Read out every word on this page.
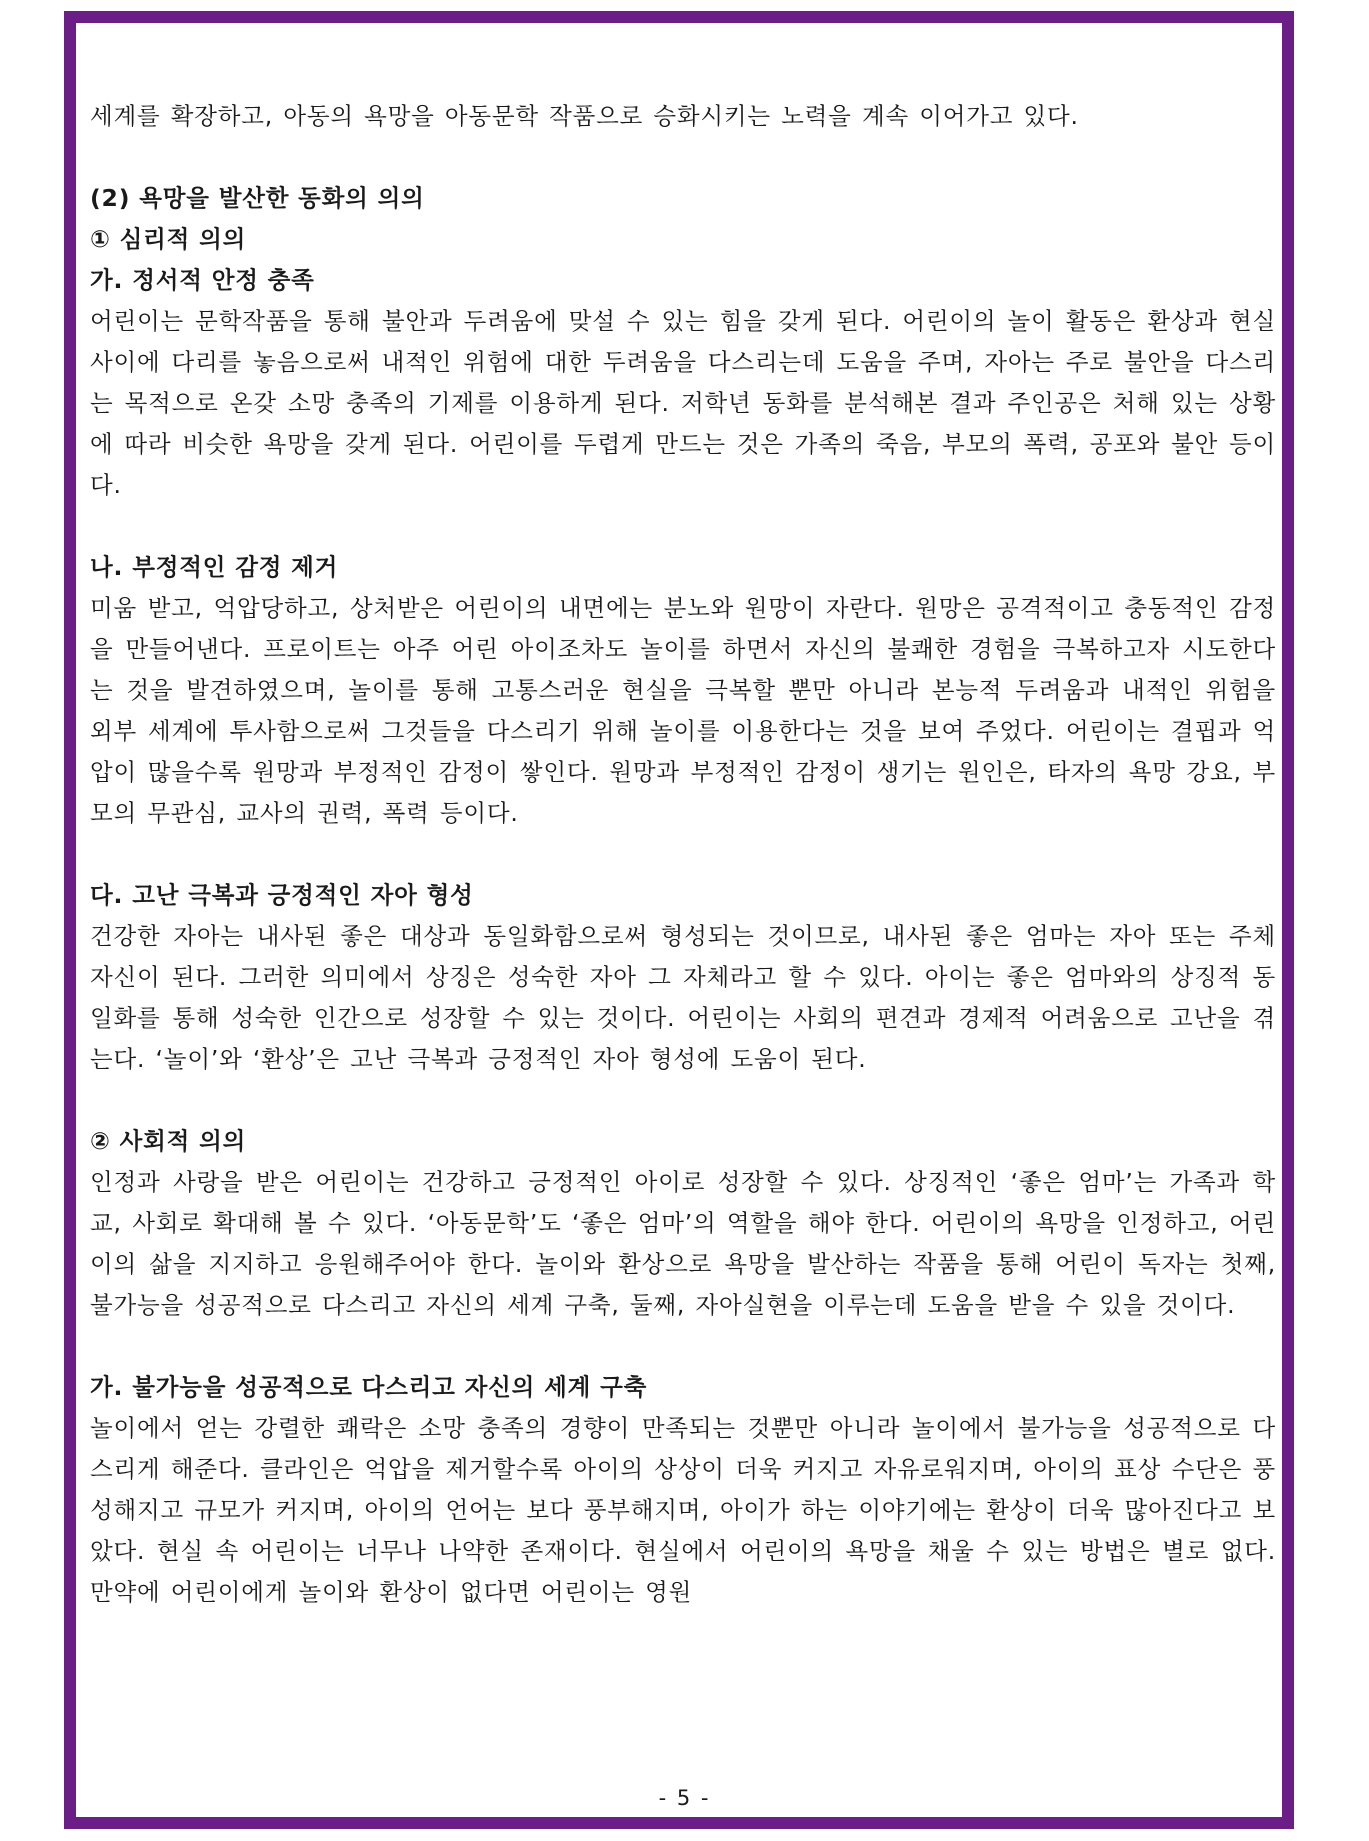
세계를 확장하고, 아동의 욕망을 아동문학 작품으로 승화시키는 노력을 계속 이어가고 있다.

(2) 욕망을 발산한 동화의 의의

① 심리적 의의

가. 정서적 안정 충족

어린이는 문학작품을 통해 불안과 두려움에 맞설 수 있는 힘을 갖게 된다. 어린이의 놀이 활동은 환상과 현실 사이에 다리를 놓음으로써 내적인 위험에 대한 두려움을 다스리는데 도움을 주며, 자아는 주로 불안을 다스리는 목적으로 온갖 소망 충족의 기제를 이용하게 된다. 저학년 동화를 분석해본 결과 주인공은 처해 있는 상황에 따라 비슷한 욕망을 갖게 된다. 어린이를 두렵게 만드는 것은 가족의 죽음, 부모의 폭력, 공포와 불안 등이다.

나. 부정적인 감정 제거

미움 받고, 억압당하고, 상처받은 어린이의 내면에는 분노와 원망이 자란다. 원망은 공격적이고 충동적인 감정을 만들어낸다. 프로이트는 아주 어린 아이조차도 놀이를 하면서 자신의 불쾌한 경험을 극복하고자 시도한다는 것을 발견하였으며, 놀이를 통해 고통스러운 현실을 극복할 뿐만 아니라 본능적 두려움과 내적인 위험을 외부 세계에 투사함으로써 그것들을 다스리기 위해 놀이를 이용한다는 것을 보여 주었다. 어린이는 결핍과 억압이 많을수록 원망과 부정적인 감정이 쌓인다. 원망과 부정적인 감정이 생기는 원인은, 타자의 욕망 강요, 부모의 무관심, 교사의 권력, 폭력 등이다.

다. 고난 극복과 긍정적인 자아 형성

건강한 자아는 내사된 좋은 대상과 동일화함으로써 형성되는 것이므로, 내사된 좋은 엄마는 자아 또는 주체 자신이 된다. 그러한 의미에서 상징은 성숙한 자아 그 자체라고 할 수 있다. 아이는 좋은 엄마와의 상징적 동일화를 통해 성숙한 인간으로 성장할 수 있는 것이다. 어린이는 사회의 편견과 경제적 어려움으로 고난을 겪는다. ‘놀이’와 ‘환상’은 고난 극복과 긍정적인 자아 형성에 도움이 된다.

② 사회적 의의

인정과 사랑을 받은 어린이는 건강하고 긍정적인 아이로 성장할 수 있다. 상징적인 ‘좋은 엄마’는 가족과 학교, 사회로 확대해 볼 수 있다. ‘아동문학’도 ‘좋은 엄마’의 역할을 해야 한다. 어린이의 욕망을 인정하고, 어린이의 삶을 지지하고 응원해주어야 한다. 놀이와 환상으로 욕망을 발산하는 작품을 통해 어린이 독자는 첫째, 불가능을 성공적으로 다스리고 자신의 세계 구축, 둘째, 자아실현을 이루는데 도움을 받을 수 있을 것이다.

가. 불가능을 성공적으로 다스리고 자신의 세계 구축

놀이에서 얻는 강렬한 쾌락은 소망 충족의 경향이 만족되는 것뿐만 아니라 놀이에서 불가능을 성공적으로 다스리게 해준다. 클라인은 억압을 제거할수록 아이의 상상이 더욱 커지고 자유로워지며, 아이의 표상 수단은 풍성해지고 규모가 커지며, 아이의 언어는 보다 풍부해지며, 아이가 하는 이야기에는 환상이 더욱 많아진다고 보았다. 현실 속 어린이는 너무나 나약한 존재이다. 현실에서 어린이의 욕망을 채울 수 있는 방법은 별로 없다. 만약에 어린이에게 놀이와 환상이 없다면 어린이는 영원

- 5 -
